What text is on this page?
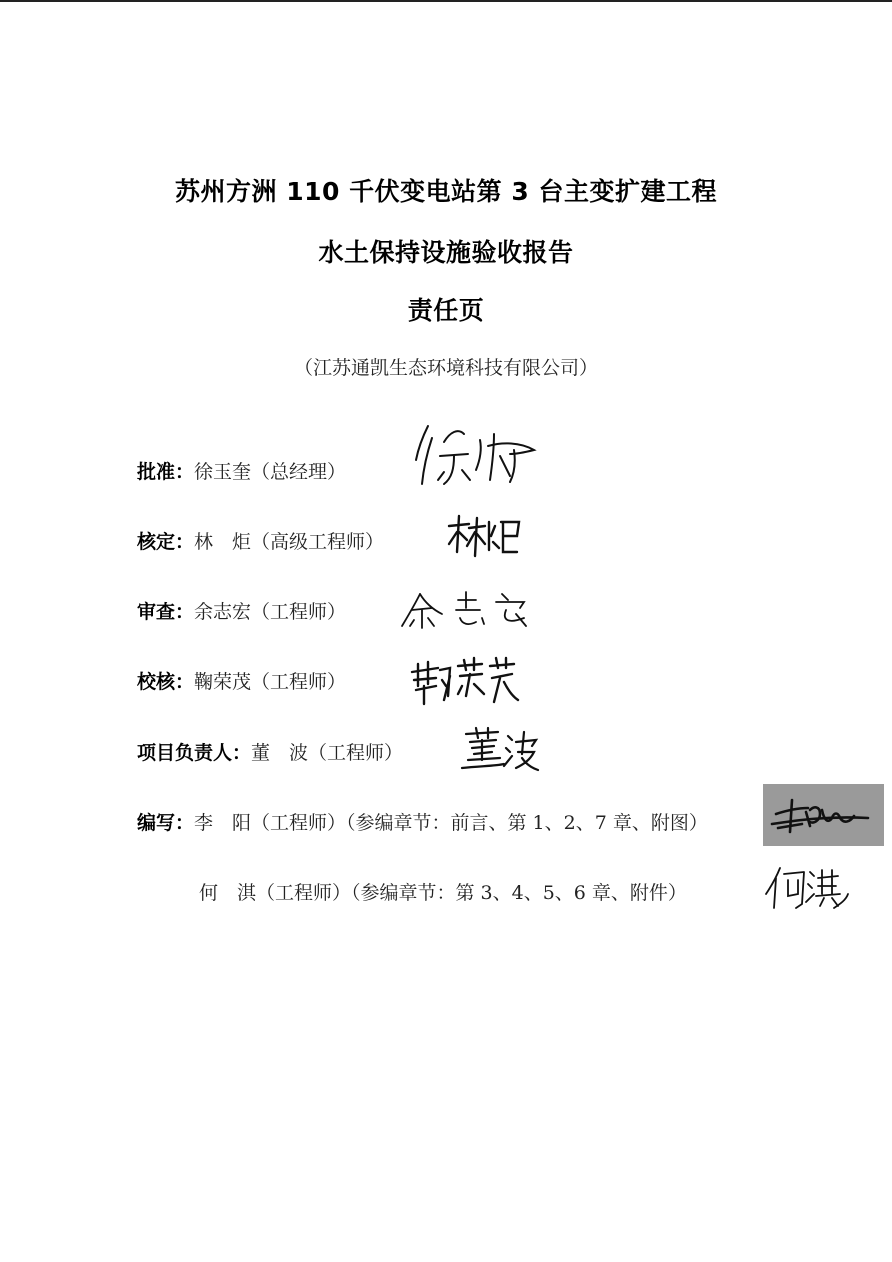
苏州方洲 110 千伏变电站第 3 台主变扩建工程
水土保持设施验收报告
责任页
（江苏通凯生态环境科技有限公司）
批准： 徐玉奎（总经理）
核定： 林　炬（高级工程师）
审查： 余志宏（工程师）
校核： 鞠荣茂（工程师）
项目负责人： 董　波（工程师）
编写： 李　阳（工程师）（参编章节：前言、第 1、2、7 章、附图）
何　淇（工程师）（参编章节：第 3、4、5、6 章、附件）
